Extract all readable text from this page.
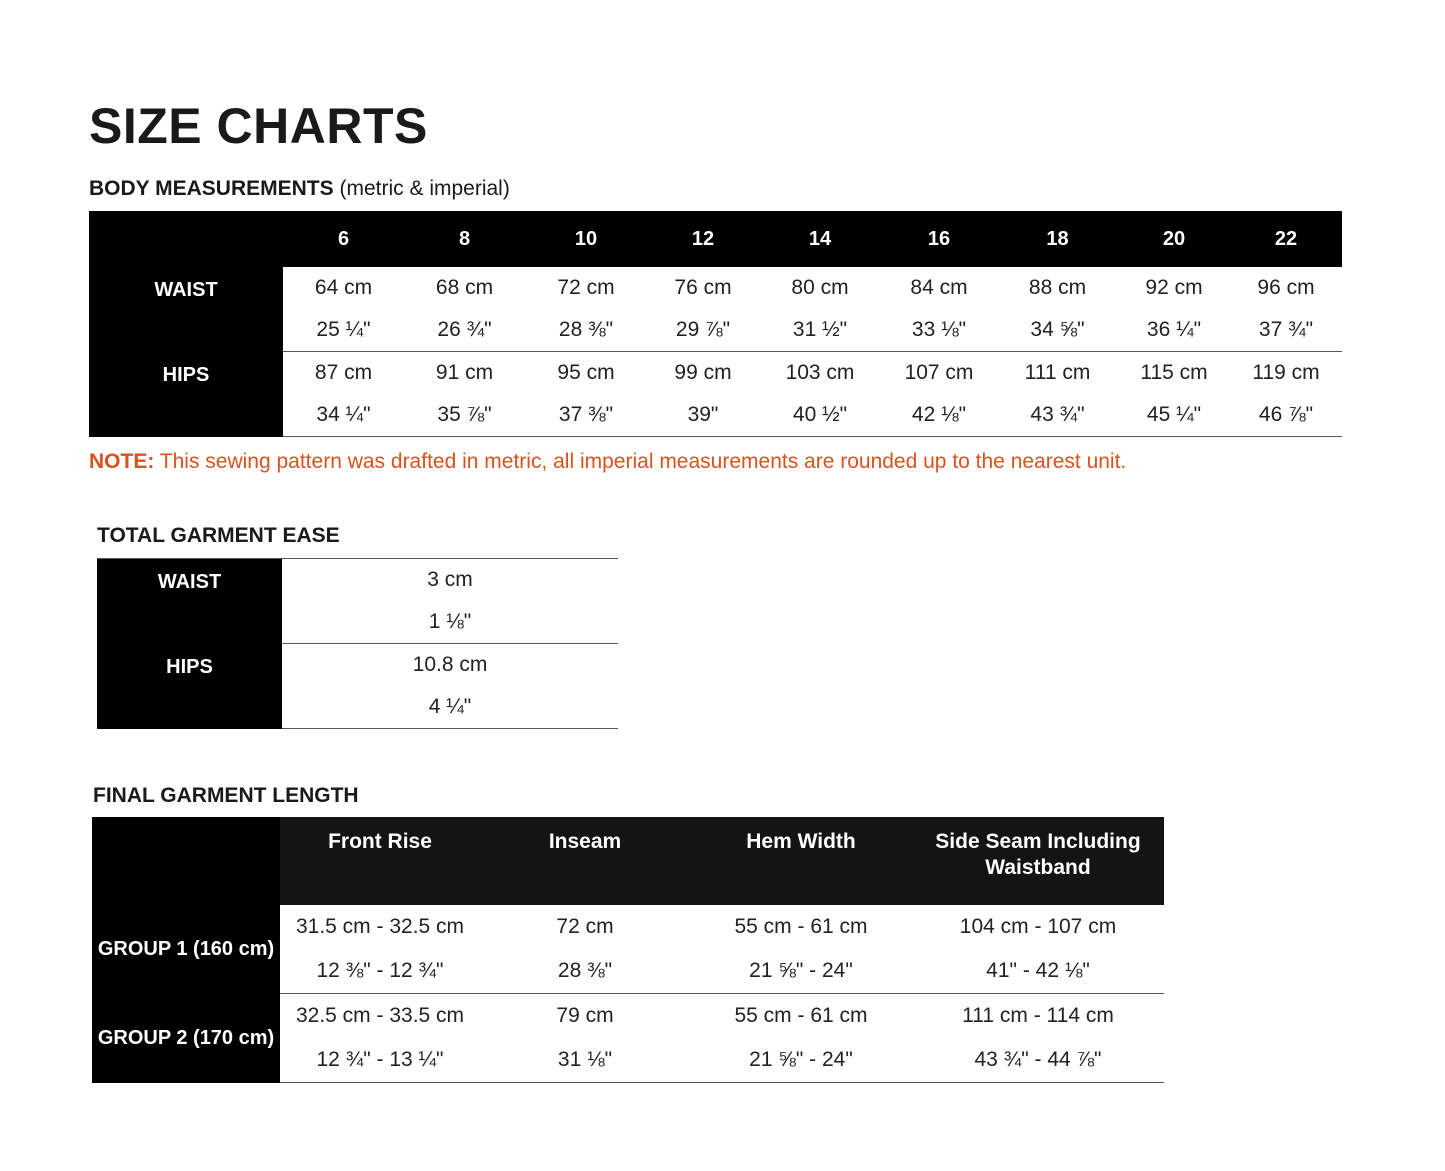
SIZE CHARTS
BODY MEASUREMENTS (metric & imperial)
	6	8	10	12	14	16	18	20	22
WAIST	64 cm	68 cm	72 cm	76 cm	80 cm	84 cm	88 cm	92 cm	96 cm
	25 ¼"	26 ¾"	28 ⅜"	29 ⅞"	31 ½"	33 ⅛"	34 ⅝"	36 ¼"	37 ¾"
HIPS	87 cm	91 cm	95 cm	99 cm	103 cm	107 cm	111 cm	115 cm	119 cm
	34 ¼"	35 ⅞"	37 ⅜"	39"	40 ½"	42 ⅛"	43 ¾"	45 ¼"	46 ⅞"
NOTE: This sewing pattern was drafted in metric, all imperial measurements are rounded up to the nearest unit.
TOTAL GARMENT EASE
WAIST	3 cm
	1 ⅛"
HIPS	10.8 cm
	4 ¼"
FINAL GARMENT LENGTH
	Front Rise	Inseam	Hem Width	Side Seam Including Waistband
GROUP 1 (160 cm)	31.5 cm - 32.5 cm	72 cm	55 cm - 61 cm	104 cm - 107 cm
	12 ⅜" - 12 ¾"	28 ⅜"	21 ⅝" - 24"	41" - 42 ⅛"
GROUP 2 (170 cm)	32.5 cm - 33.5 cm	79 cm	55 cm - 61 cm	111 cm - 114 cm
	12 ¾" - 13 ¼"	31 ⅛"	21 ⅝" - 24"	43 ¾" - 44 ⅞"
